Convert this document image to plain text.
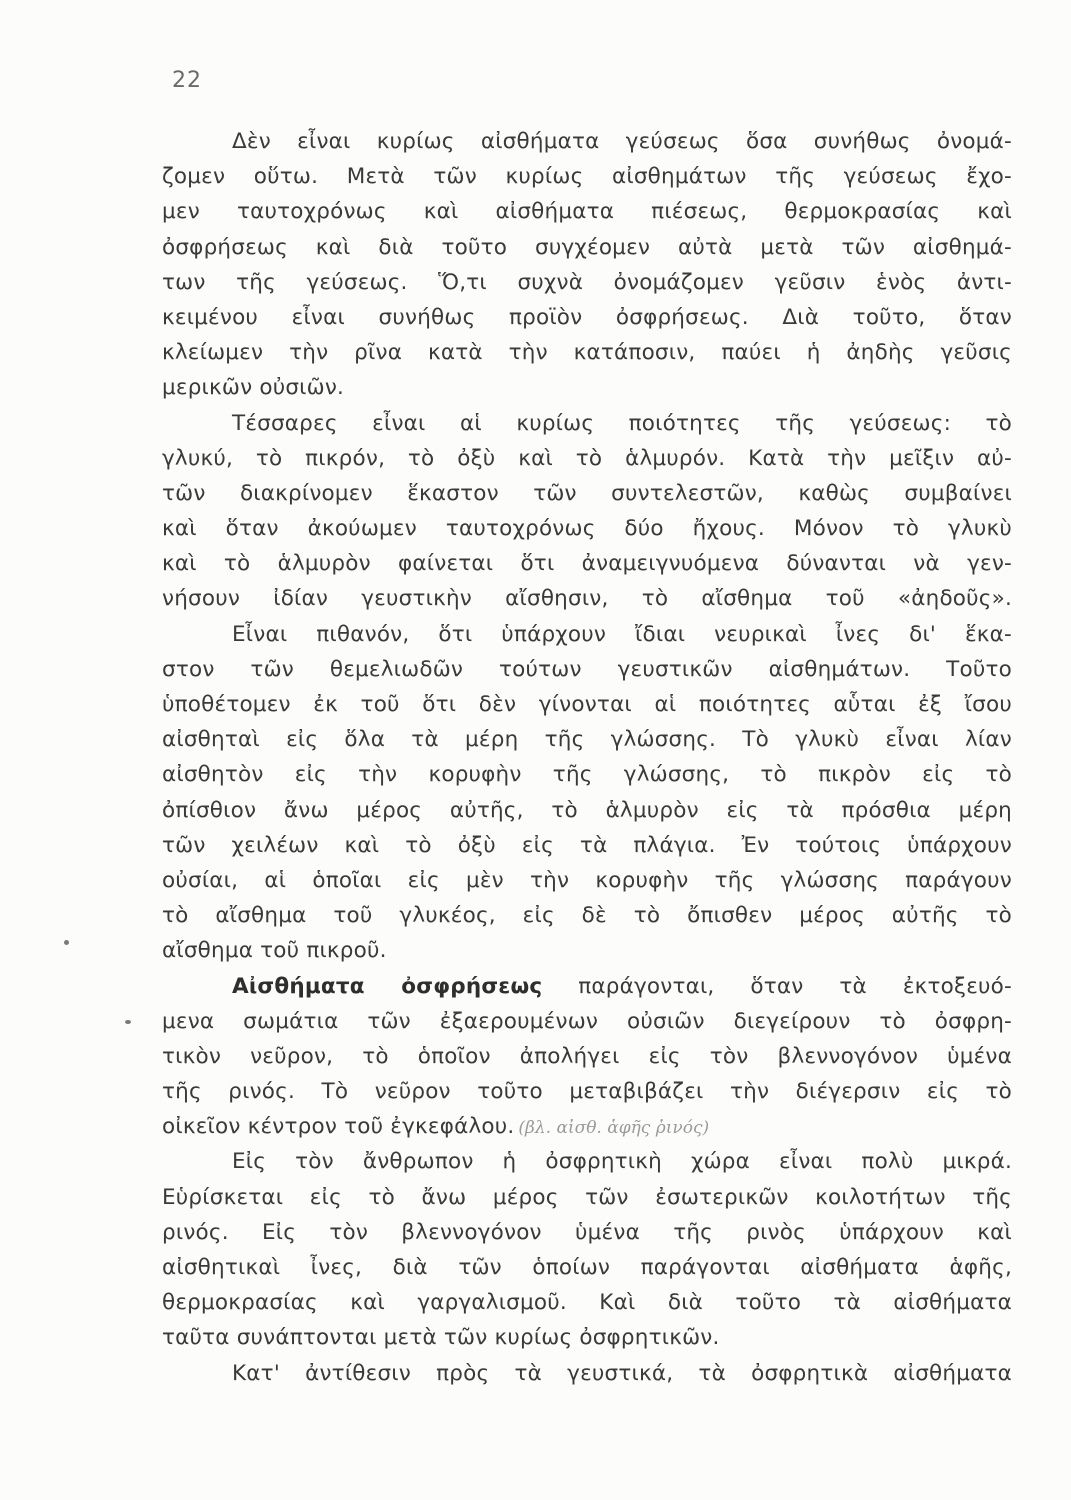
22
Δὲν εἶναι κυρίως αἰσθήματα γεύσεως ὅσα συνήθως ὀνομά-
ζομεν οὕτω. Μετὰ τῶν κυρίως αἰσθημάτων τῆς γεύσεως ἔχο-
μεν ταυτοχρόνως καὶ αἰσθήματα πιέσεως, θερμοκρασίας καὶ
ὀσφρήσεως καὶ διὰ τοῦτο συγχέομεν αὐτὰ μετὰ τῶν αἰσθημά-
των τῆς γεύσεως. Ὅ,τι συχνὰ ὀνομάζομεν γεῦσιν ἑνὸς ἀντι-
κειμένου εἶναι συνήθως προϊὸν ὀσφρήσεως. Διὰ τοῦτο, ὅταν
κλείωμεν τὴν ρῖνα κατὰ τὴν κατάποσιν, παύει ἡ ἀηδὴς γεῦσις
μερικῶν οὐσιῶν.
Τέσσαρες εἶναι αἱ κυρίως ποιότητες τῆς γεύσεως: τὸ
γλυκύ, τὸ πικρόν, τὸ ὀξὺ καὶ τὸ ἁλμυρόν. Κατὰ τὴν μεῖξιν αὐ-
τῶν διακρίνομεν ἕκαστον τῶν συντελεστῶν, καθὼς συμβαίνει
καὶ ὅταν ἀκούωμεν ταυτοχρόνως δύο ἤχους. Μόνον τὸ γλυκὺ
καὶ τὸ ἁλμυρὸν φαίνεται ὅτι ἀναμειγνυόμενα δύνανται νὰ γεν-
νήσουν ἰδίαν γευστικὴν αἴσθησιν, τὸ αἴσθημα τοῦ «ἀηδοῦς».
Εἶναι πιθανόν, ὅτι ὑπάρχουν ἴδιαι νευρικαὶ ἶνες δι' ἕκα-
στον τῶν θεμελιωδῶν τούτων γευστικῶν αἰσθημάτων. Τοῦτο
ὑποθέτομεν ἐκ τοῦ ὅτι δὲν γίνονται αἱ ποιότητες αὗται ἐξ ἴσου
αἰσθηταὶ εἰς ὅλα τὰ μέρη τῆς γλώσσης. Τὸ γλυκὺ εἶναι λίαν
αἰσθητὸν εἰς τὴν κορυφὴν τῆς γλώσσης, τὸ πικρὸν εἰς τὸ
ὀπίσθιον ἄνω μέρος αὐτῆς, τὸ ἁλμυρὸν εἰς τὰ πρόσθια μέρη
τῶν χειλέων καὶ τὸ ὀξὺ εἰς τὰ πλάγια. Ἐν τούτοις ὑπάρχουν
οὐσίαι, αἱ ὁποῖαι εἰς μὲν τὴν κορυφὴν τῆς γλώσσης παράγουν
τὸ αἴσθημα τοῦ γλυκέος, εἰς δὲ τὸ ὄπισθεν μέρος αὐτῆς τὸ
αἴσθημα τοῦ πικροῦ.
Αἰσθήματα ὀσφρήσεως παράγονται, ὅταν τὰ ἐκτοξευό-
μενα σωμάτια τῶν ἐξαερουμένων οὐσιῶν διεγείρουν τὸ ὀσφρη-
τικὸν νεῦρον, τὸ ὁποῖον ἀπολήγει εἰς τὸν βλεννογόνον ὑμένα
τῆς ρινός. Τὸ νεῦρον τοῦτο μεταβιβάζει τὴν διέγερσιν εἰς τὸ
οἰκεῖον κέντρον τοῦ ἐγκεφάλου. (βλ. αἰσθ. ἁφῆς ῥινός)
Εἰς τὸν ἄνθρωπον ἡ ὀσφρητικὴ χώρα εἶναι πολὺ μικρά.
Εὑρίσκεται εἰς τὸ ἄνω μέρος τῶν ἐσωτερικῶν κοιλοτήτων τῆς
ρινός. Εἰς τὸν βλεννογόνον ὑμένα τῆς ρινὸς ὑπάρχουν καὶ
αἰσθητικαὶ ἶνες, διὰ τῶν ὁποίων παράγονται αἰσθήματα ἁφῆς,
θερμοκρασίας καὶ γαργαλισμοῦ. Καὶ διὰ τοῦτο τὰ αἰσθήματα
ταῦτα συνάπτονται μετὰ τῶν κυρίως ὀσφρητικῶν.
Κατ' ἀντίθεσιν πρὸς τὰ γευστικά, τὰ ὀσφρητικὰ αἰσθήματα
